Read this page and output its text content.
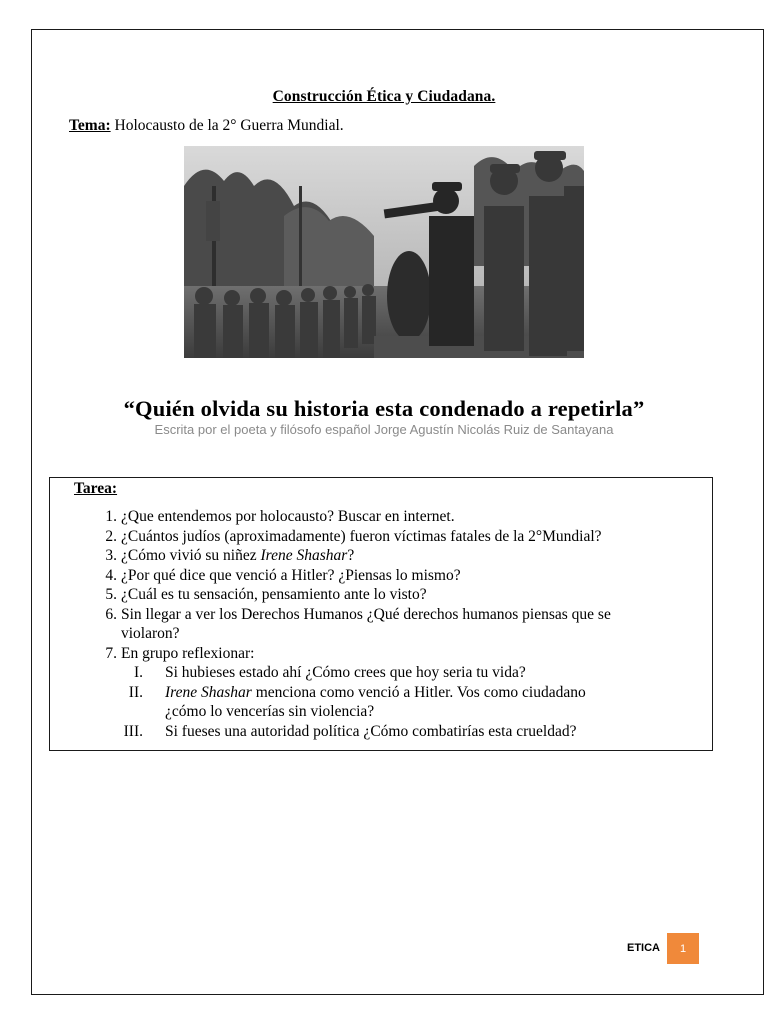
Construcción Ética y Ciudadana.
Tema: Holocausto de la 2° Guerra Mundial.
“Quién olvida su historia esta condenado a repetirla”
Escrita por el poeta y filósofo español Jorge Agustín Nicolás Ruiz de Santayana
Tarea:
1. ¿Que entendemos por holocausto? Buscar en internet.
2. ¿Cuántos judíos (aproximadamente) fueron víctimas fatales de la 2°Mundial?
3. ¿Cómo vivió su niñez Irene Shashar?
4. ¿Por qué dice que venció a Hitler? ¿Piensas lo mismo?
5. ¿Cuál es tu sensación, pensamiento ante lo visto?
6. Sin llegar a ver los Derechos Humanos ¿Qué derechos humanos piensas que se
violaron?
7. En grupo reflexionar:
I. Si hubieses estado ahí ¿Cómo crees que hoy seria tu vida?
II. Irene Shashar menciona como venció a Hitler. Vos como ciudadano
¿cómo lo vencerías sin violencia?
III. Si fueses una autoridad política ¿Cómo combatirías esta crueldad?
ETICA	1
